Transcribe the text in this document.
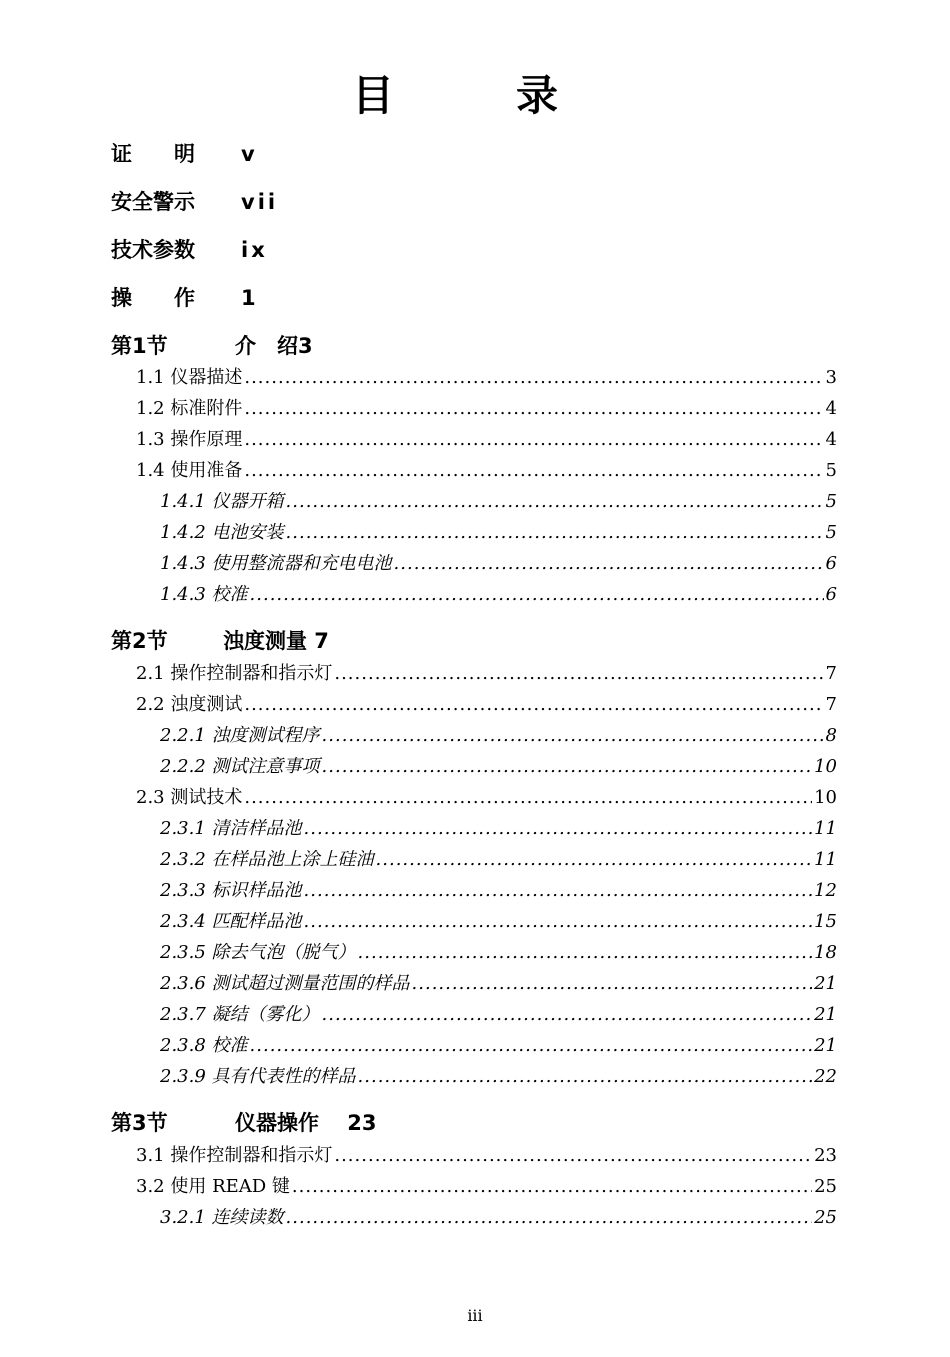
目　录
证　　明 v
安全警示 vii
技术参数 ix
操　　作 1
第1节	介　绍3
1.1 仪器描述 .....	3
1.2 标准附件 .....	4
1.3 操作原理 .....	4
1.4 使用准备 .....	5
1.4.1 仪器开箱 .....	5
1.4.2 电池安装 .....	5
1.4.3 使用整流器和充电电池 .....	6
1.4.3 校准 .....	6
第2节	浊度测量 7
2.1 操作控制器和指示灯 .....	7
2.2 浊度测试 .....	7
2.2.1 浊度测试程序 .....	8
2.2.2 测试注意事项 .....	10
2.3 测试技术 .....	10
2.3.1 清洁样品池 .....	11
2.3.2 在样品池上涂上硅油 .....	11
2.3.3 标识样品池 .....	12
2.3.4 匹配样品池 .....	15
2.3.5 除去气泡（脱气） .....	18
2.3.6 测试超过测量范围的样品 .....	21
2.3.7 凝结（雾化） .....	21
2.3.8 校准 .....	21
2.3.9 具有代表性的样品 .....	22
第3节	仪器操作　 23
3.1 操作控制器和指示灯 .....	23
3.2 使用 READ 键 .....	25
3.2.1 连续读数 .....	25
iii
